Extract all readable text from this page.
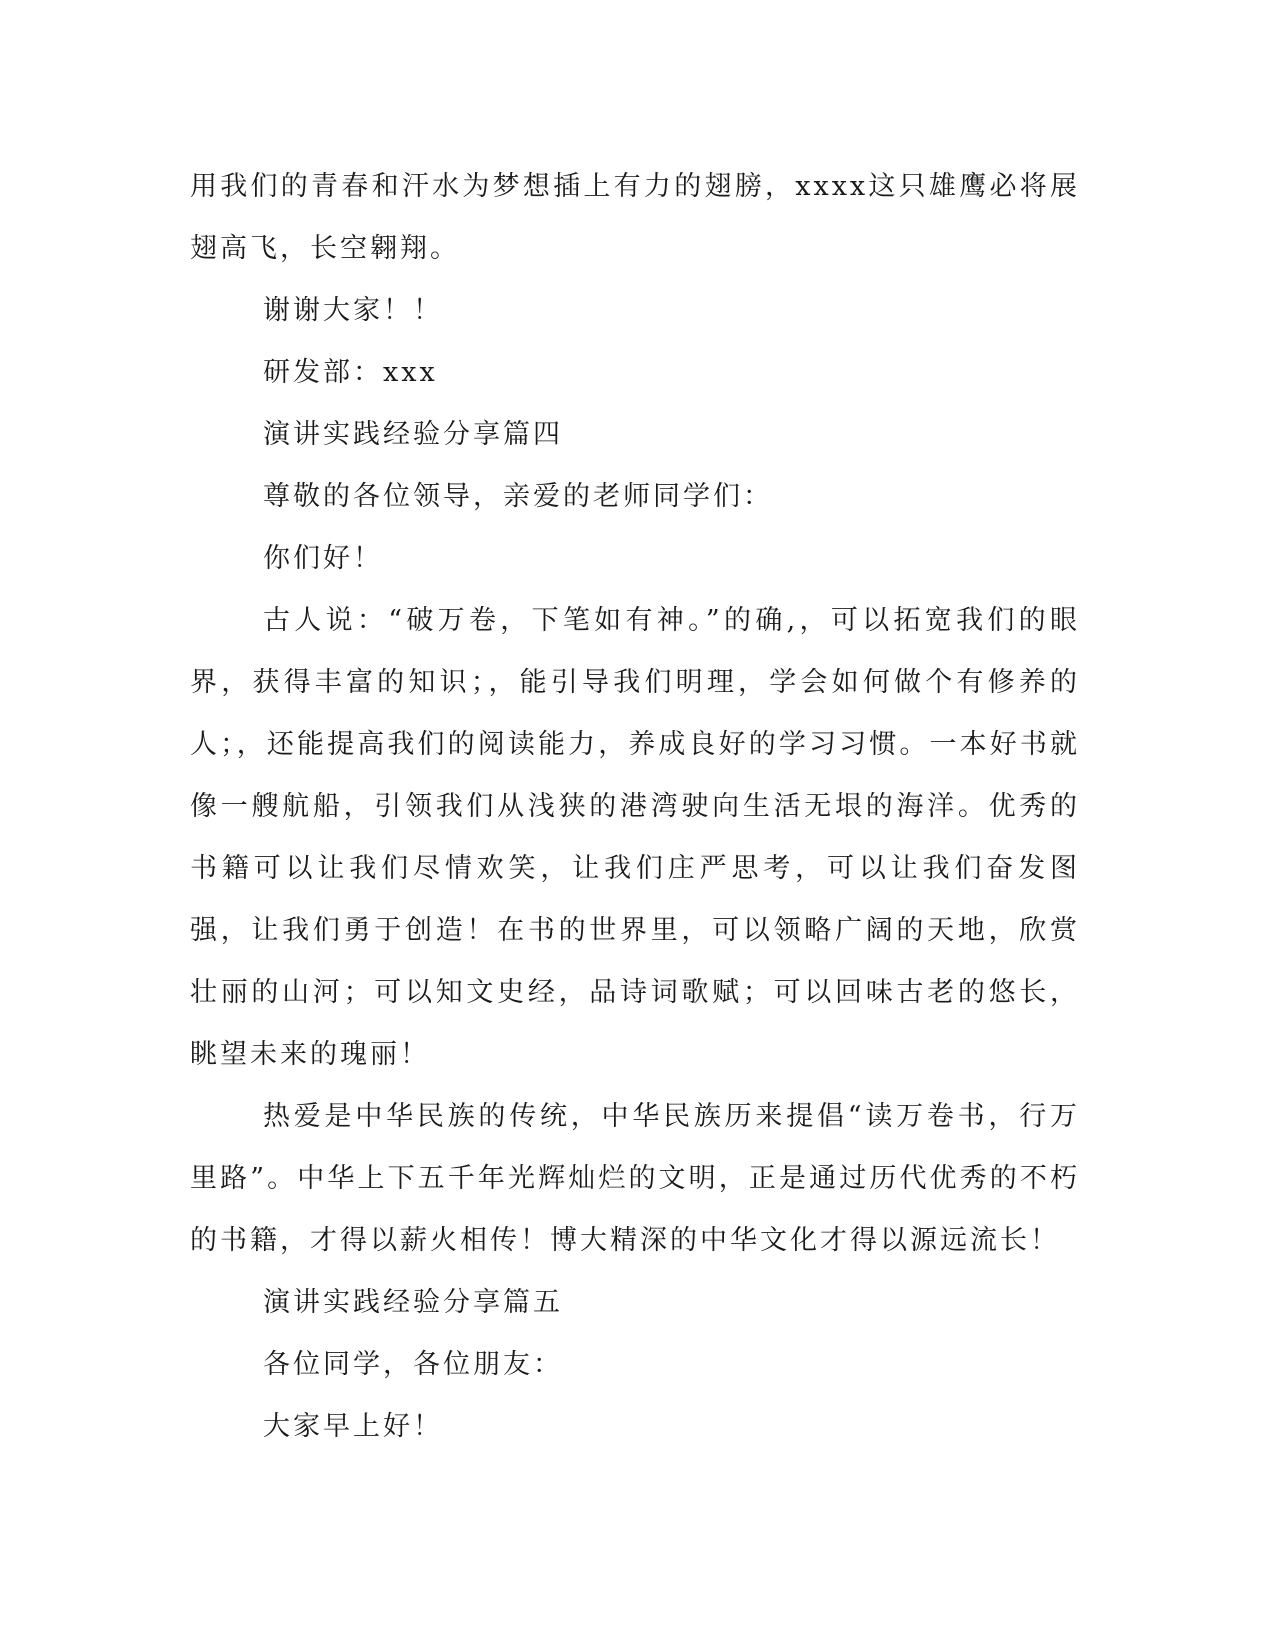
用我们的青春和汗水为梦想插上有力的翅膀，xxxx这只雄鹰必将展翅高飞，长空翱翔。

谢谢大家！！

研发部：xxx

演讲实践经验分享篇四

尊敬的各位领导，亲爱的老师同学们：

你们好！

古人说：“破万卷，下笔如有神。”的确,，可以拓宽我们的眼界，获得丰富的知识；，能引导我们明理，学会如何做个有修养的人；，还能提高我们的阅读能力，养成良好的学习习惯。一本好书就像一艘航船，引领我们从浅狭的港湾驶向生活无垠的海洋。优秀的书籍可以让我们尽情欢笑，让我们庄严思考，可以让我们奋发图强，让我们勇于创造！在书的世界里，可以领略广阔的天地，欣赏壮丽的山河；可以知文史经，品诗词歌赋；可以回味古老的悠长，眺望未来的瑰丽！

热爱是中华民族的传统，中华民族历来提倡“读万卷书，行万里路”。中华上下五千年光辉灿烂的文明，正是通过历代优秀的不朽的书籍，才得以薪火相传！博大精深的中华文化才得以源远流长！

演讲实践经验分享篇五

各位同学，各位朋友：

大家早上好！
